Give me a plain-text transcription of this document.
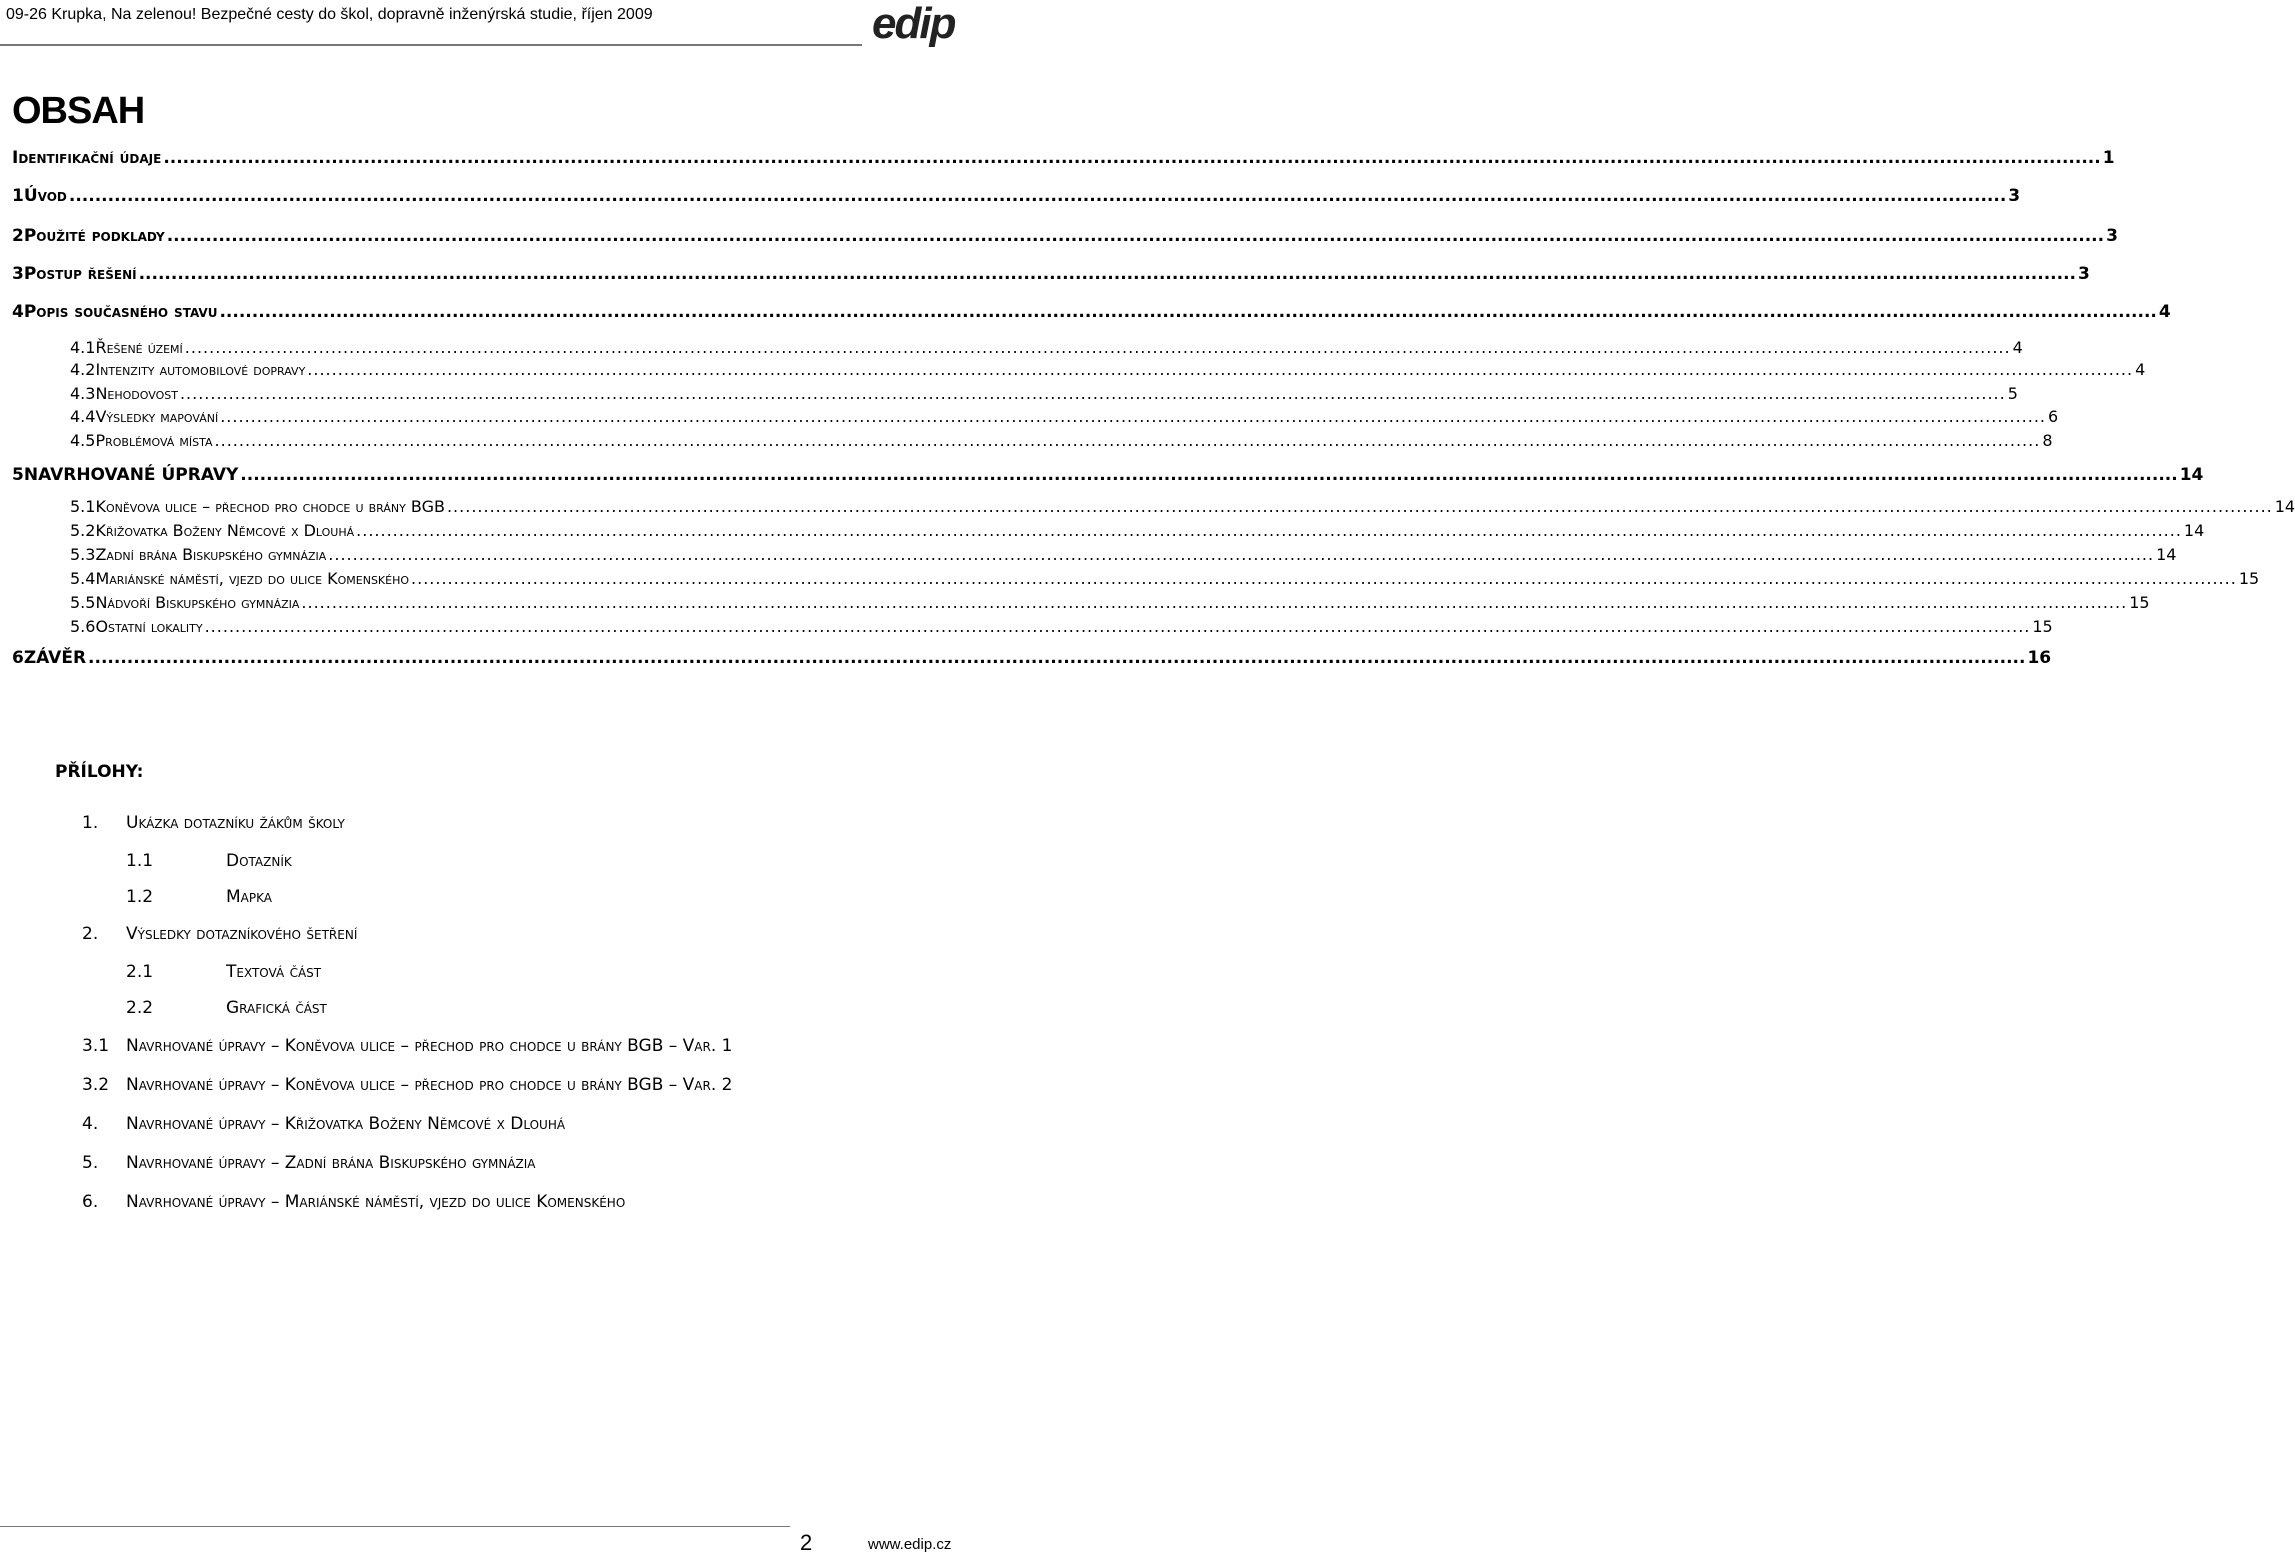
09-26 Krupka, Na zelenou! Bezpečné cesty do škol, dopravně inženýrská studie, říjen 2009	edip
OBSAH
Identifikační údaje ............................................................................................................................................................................................................................................................................................................ 1
1 Úvod ............................................................................................................................................................................................................................................................................................................ 3
2 Použité podklady ............................................................................................................................................................................................................................................................................................................ 3
3 Postup řešení ............................................................................................................................................................................................................................................................................................................ 3
4 Popis současného stavu ............................................................................................................................................................................................................................................................................................................ 4
4.1 Řešené území ............................................................................................................................................................................................................................................................................................................ 4
4.2 Intenzity automobilové dopravy ............................................................................................................................................................................................................................................................................................................ 4
4.3 Nehodovost ............................................................................................................................................................................................................................................................................................................ 5
4.4 Výsledky mapování ............................................................................................................................................................................................................................................................................................................ 6
4.5 Problémová místa ............................................................................................................................................................................................................................................................................................................ 8
5 NAVRHOVANÉ ÚPRAVY ............................................................................................................................................................................................................................................................................................................ 14
5.1 Koněvova ulice – přechod pro chodce u brány BGB ............................................................................................................................................................................................................................................................................................................ 14
5.2 Křižovatka Boženy Němcové x Dlouhá ............................................................................................................................................................................................................................................................................................................ 14
5.3 Zadní brána Biskupského gymnázia ............................................................................................................................................................................................................................................................................................................ 14
5.4 Mariánské náměstí, vjezd do ulice Komenského ............................................................................................................................................................................................................................................................................................................ 15
5.5 Nádvoří Biskupského gymnázia ............................................................................................................................................................................................................................................................................................................ 15
5.6 Ostatní lokality ............................................................................................................................................................................................................................................................................................................ 15
6 ZÁVĚR ............................................................................................................................................................................................................................................................................................................ 16
PŘÍLOHY:
1. Ukázka dotazníku žákům školy
1.1	Dotazník
1.2	Mapka
2. Výsledky dotazníkového šetření
2.1	Textová část
2.2	Grafická část
3.1 Navrhované úpravy – Koněvova ulice – přechod pro chodce u brány BGB – Var. 1
3.2 Navrhované úpravy – Koněvova ulice – přechod pro chodce u brány BGB – Var. 2
4. Navrhované úpravy – Křižovatka Boženy Němcové x Dlouhá
5. Navrhované úpravy – Zadní brána Biskupského gymnázia
6. Navrhované úpravy – Mariánské náměstí, vjezd do ulice Komenského
2	www.edip.cz
